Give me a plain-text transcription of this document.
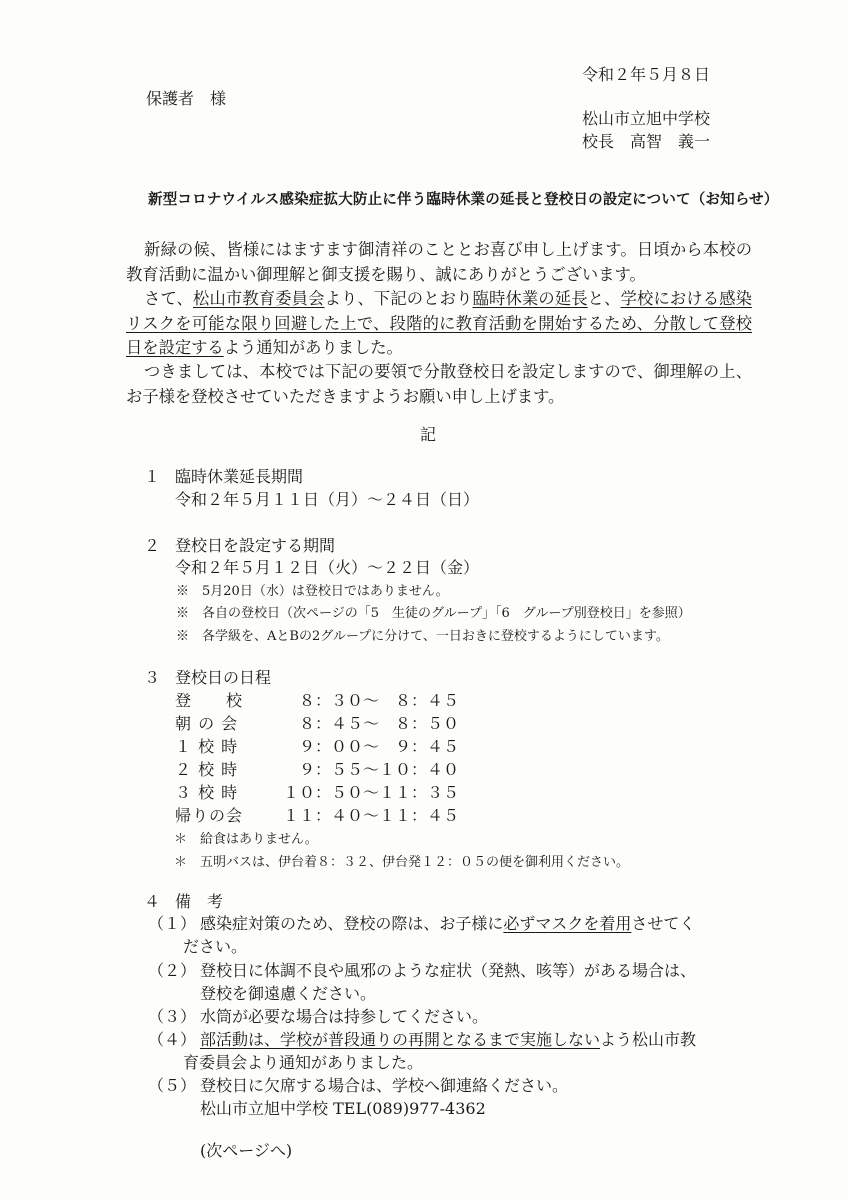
令和２年５月８日
保護者　様
松山市立旭中学校
校長　高智　義一
新型コロナウイルス感染症拡大防止に伴う臨時休業の延長と登校日の設定について（お知らせ）
新緑の候、皆様にはますます御清祥のこととお喜び申し上げます。日頃から本校の教育活動に温かい御理解と御支援を賜り、誠にありがとうございます。
さて、松山市教育委員会より、下記のとおり臨時休業の延長と、学校における感染リスクを可能な限り回避した上で、段階的に教育活動を開始するため、分散して登校日を設定するよう通知がありました。
つきましては、本校では下記の要領で分散登校日を設定しますので、御理解の上、お子様を登校させていただきますようお願い申し上げます。
記
１ 臨時休業延長期間
令和２年５月１１日（月）～２４日（日）
２ 登校日を設定する期間
令和２年５月１２日（火）～２２日（金）
※　5月20日（水）は登校日ではありません。
※　各自の登校日（次ページの「5　生徒のグループ」「6　グループ別登校日」を参照）
※　各学級を、AとBの2グループに分けて、一日おきに登校するようにしています。
３ 登校日の日程
登　　校　８：３０～　８：４５
朝 の 会	　８：４５～　８：５０
１ 校 時	　９：００～　９：４５
２ 校 時	　９：５５～１０：４０
３ 校 時	１０：５０～１１：３５
帰りの会 １１：４０～１１：４５
＊　給食はありません。
＊　五明バスは、伊台着８：３２、伊台発１２：０５の便を御利用ください。
４ 備　考
（１） 感染症対策のため、登校の際は、お子様に必ずマスクを着用させてく
ださい。
（２） 登校日に体調不良や風邪のような症状（発熱、咳等）がある場合は、
登校を御遠慮ください。
（３） 水筒が必要な場合は持参してください。
（４） 部活動は、学校が普段通りの再開となるまで実施しないよう松山市教
育委員会より通知がありました。
（５） 登校日に欠席する場合は、学校へ御連絡ください。
松山市立旭中学校 TEL(089)977-4362
(次ページへ)
